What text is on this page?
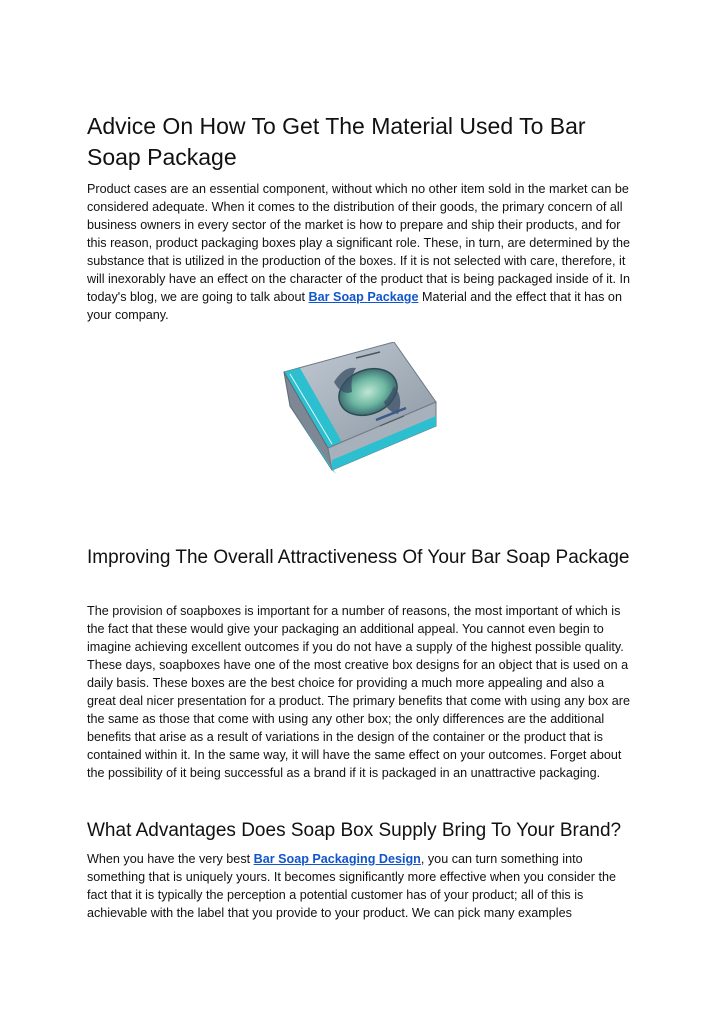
Advice On How To Get The Material Used To Bar Soap Package

Product cases are an essential component, without which no other item sold in the market can be considered adequate. When it comes to the distribution of their goods, the primary concern of all business owners in every sector of the market is how to prepare and ship their products, and for this reason, product packaging boxes play a significant role. These, in turn, are determined by the substance that is utilized in the production of the boxes. If it is not selected with care, therefore, it will inexorably have an effect on the character of the product that is being packaged inside of it. In today's blog, we are going to talk about Bar Soap Package Material and the effect that it has on your company.

Improving The Overall Attractiveness Of Your Bar Soap Package

The provision of soapboxes is important for a number of reasons, the most important of which is the fact that these would give your packaging an additional appeal. You cannot even begin to imagine achieving excellent outcomes if you do not have a supply of the highest possible quality. These days, soapboxes have one of the most creative box designs for an object that is used on a daily basis. These boxes are the best choice for providing a much more appealing and also a great deal nicer presentation for a product. The primary benefits that come with using any box are the same as those that come with using any other box; the only differences are the additional benefits that arise as a result of variations in the design of the container or the product that is contained within it. In the same way, it will have the same effect on your outcomes. Forget about the possibility of it being successful as a brand if it is packaged in an unattractive packaging.

What Advantages Does Soap Box Supply Bring To Your Brand?

When you have the very best Bar Soap Packaging Design, you can turn something into something that is uniquely yours. It becomes significantly more effective when you consider the fact that it is typically the perception a potential customer has of your product; all of this is achievable with the label that you provide to your product. We can pick many examples
